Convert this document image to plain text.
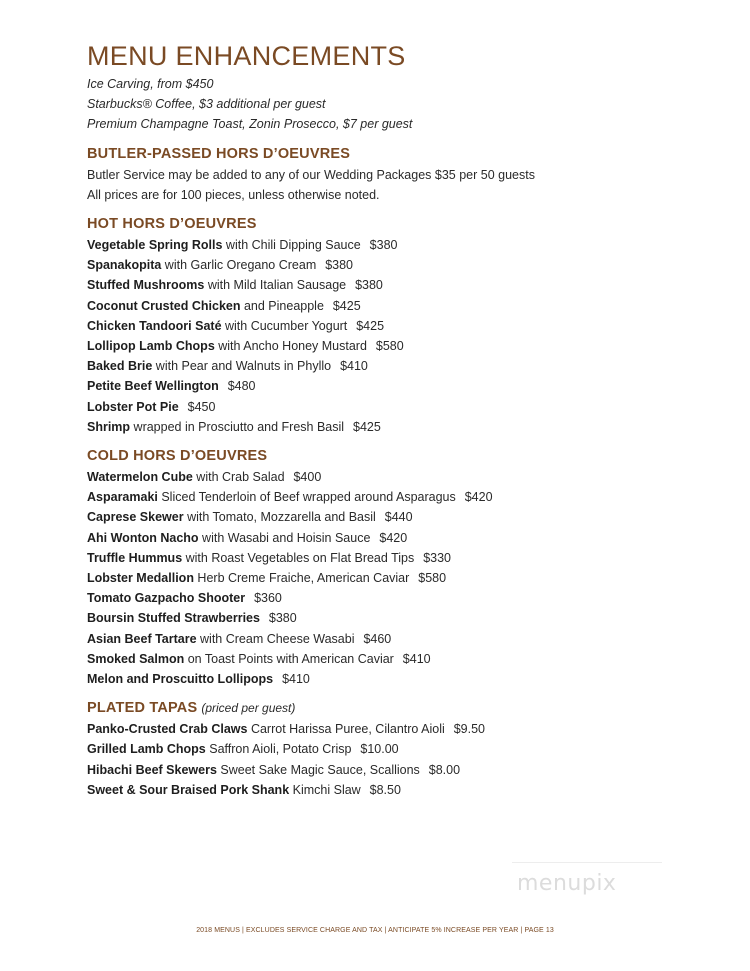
MENU ENHANCEMENTS
Ice Carving, from $450
Starbucks® Coffee, $3 additional per guest
Premium Champagne Toast, Zonin Prosecco, $7 per guest
BUTLER-PASSED HORS D’OEUVRES
Butler Service may be added to any of our Wedding Packages $35 per 50 guests
All prices are for 100 pieces, unless otherwise noted.
HOT HORS D’OEUVRES
Vegetable Spring Rolls with Chili Dipping Sauce $380
Spanakopita with Garlic Oregano Cream $380
Stuffed Mushrooms with Mild Italian Sausage $380
Coconut Crusted Chicken and Pineapple $425
Chicken Tandoori Saté with Cucumber Yogurt $425
Lollipop Lamb Chops with Ancho Honey Mustard $580
Baked Brie with Pear and Walnuts in Phyllo $410
Petite Beef Wellington $480
Lobster Pot Pie $450
Shrimp wrapped in Prosciutto and Fresh Basil $425
COLD HORS D’OEUVRES
Watermelon Cube with Crab Salad $400
Asparamaki Sliced Tenderloin of Beef wrapped around Asparagus $420
Caprese Skewer with Tomato, Mozzarella and Basil $440
Ahi Wonton Nacho with Wasabi and Hoisin Sauce $420
Truffle Hummus with Roast Vegetables on Flat Bread Tips $330
Lobster Medallion Herb Creme Fraiche, American Caviar $580
Tomato Gazpacho Shooter $360
Boursin Stuffed Strawberries $380
Asian Beef Tartare with Cream Cheese Wasabi $460
Smoked Salmon on Toast Points with American Caviar $410
Melon and Proscuitto Lollipops $410
PLATED TAPAS (priced per guest)
Panko-Crusted Crab Claws Carrot Harissa Puree, Cilantro Aioli $9.50
Grilled Lamb Chops Saffron Aioli, Potato Crisp $10.00
Hibachi Beef Skewers Sweet Sake Magic Sauce, Scallions $8.00
Sweet & Sour Braised Pork Shank Kimchi Slaw $8.50
menupix
2018 MENUS | EXCLUDES SERVICE CHARGE AND TAX | ANTICIPATE 5% INCREASE PER YEAR | PAGE 13
